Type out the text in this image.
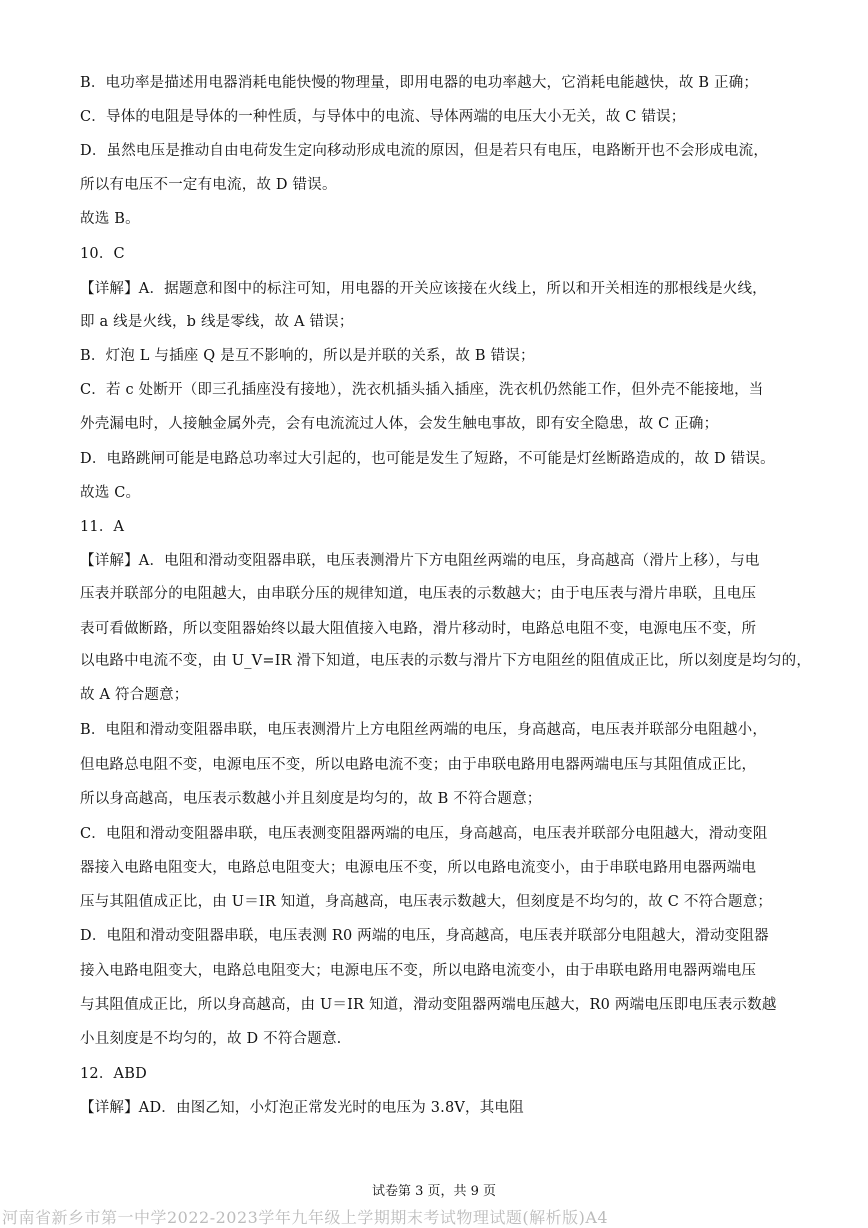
B．电功率是描述用电器消耗电能快慢的物理量，即用电器的电功率越大，它消耗电能越快，故 B 正确；
C．导体的电阻是导体的一种性质，与导体中的电流、导体两端的电压大小无关，故 C 错误；
D．虽然电压是推动自由电荷发生定向移动形成电流的原因，但是若只有电压，电路断开也不会形成电流，
所以有电压不一定有电流，故 D 错误。
故选 B。
10．C
【详解】A．据题意和图中的标注可知，用电器的开关应该接在火线上，所以和开关相连的那根线是火线，
即 a 线是火线，b 线是零线，故 A 错误；
B．灯泡 L 与插座 Q 是互不影响的，所以是并联的关系，故 B 错误；
C．若 c 处断开（即三孔插座没有接地），洗衣机插头插入插座，洗衣机仍然能工作，但外壳不能接地，当
外壳漏电时，人接触金属外壳，会有电流流过人体，会发生触电事故，即有安全隐患，故 C 正确；
D．电路跳闸可能是电路总功率过大引起的，也可能是发生了短路，不可能是灯丝断路造成的，故 D 错误。
故选 C。
11．A
【详解】A．电阻和滑动变阻器串联，电压表测滑片下方电阻丝两端的电压，身高越高（滑片上移），与电
压表并联部分的电阻越大，由串联分压的规律知道，电压表的示数越大；由于电压表与滑片串联，且电压
表可看做断路，所以变阻器始终以最大阻值接入电路，滑片移动时，电路总电阻不变，电源电压不变，所
以电路中电流不变，由 U_V=IR 滑下知道，电压表的示数与滑片下方电阻丝的阻值成正比，所以刻度是均匀的，
故 A 符合题意；
B．电阻和滑动变阻器串联，电压表测滑片上方电阻丝两端的电压，身高越高，电压表并联部分电阻越小，
但电路总电阻不变，电源电压不变，所以电路电流不变；由于串联电路用电器两端电压与其阻值成正比，
所以身高越高，电压表示数越小并且刻度是均匀的，故 B 不符合题意；
C．电阻和滑动变阻器串联，电压表测变阻器两端的电压，身高越高，电压表并联部分电阻越大，滑动变阻
器接入电路电阻变大，电路总电阻变大；电源电压不变，所以电路电流变小，由于串联电路用电器两端电
压与其阻值成正比，由 U＝IR 知道，身高越高，电压表示数越大，但刻度是不均匀的，故 C 不符合题意；
D．电阻和滑动变阻器串联，电压表测 R0 两端的电压，身高越高，电压表并联部分电阻越大，滑动变阻器
接入电路电阻变大，电路总电阻变大；电源电压不变，所以电路电流变小，由于串联电路用电器两端电压
与其阻值成正比，所以身高越高，由 U＝IR 知道，滑动变阻器两端电压越大，R0 两端电压即电压表示数越
小且刻度是不均匀的，故 D 不符合题意.
12．ABD
【详解】AD．由图乙知，小灯泡正常发光时的电压为 3.8V，其电阻
试卷第 3 页，共 9 页
河南省新乡市第一中学2022-2023学年九年级上学期期末考试物理试题(解析版)A4
